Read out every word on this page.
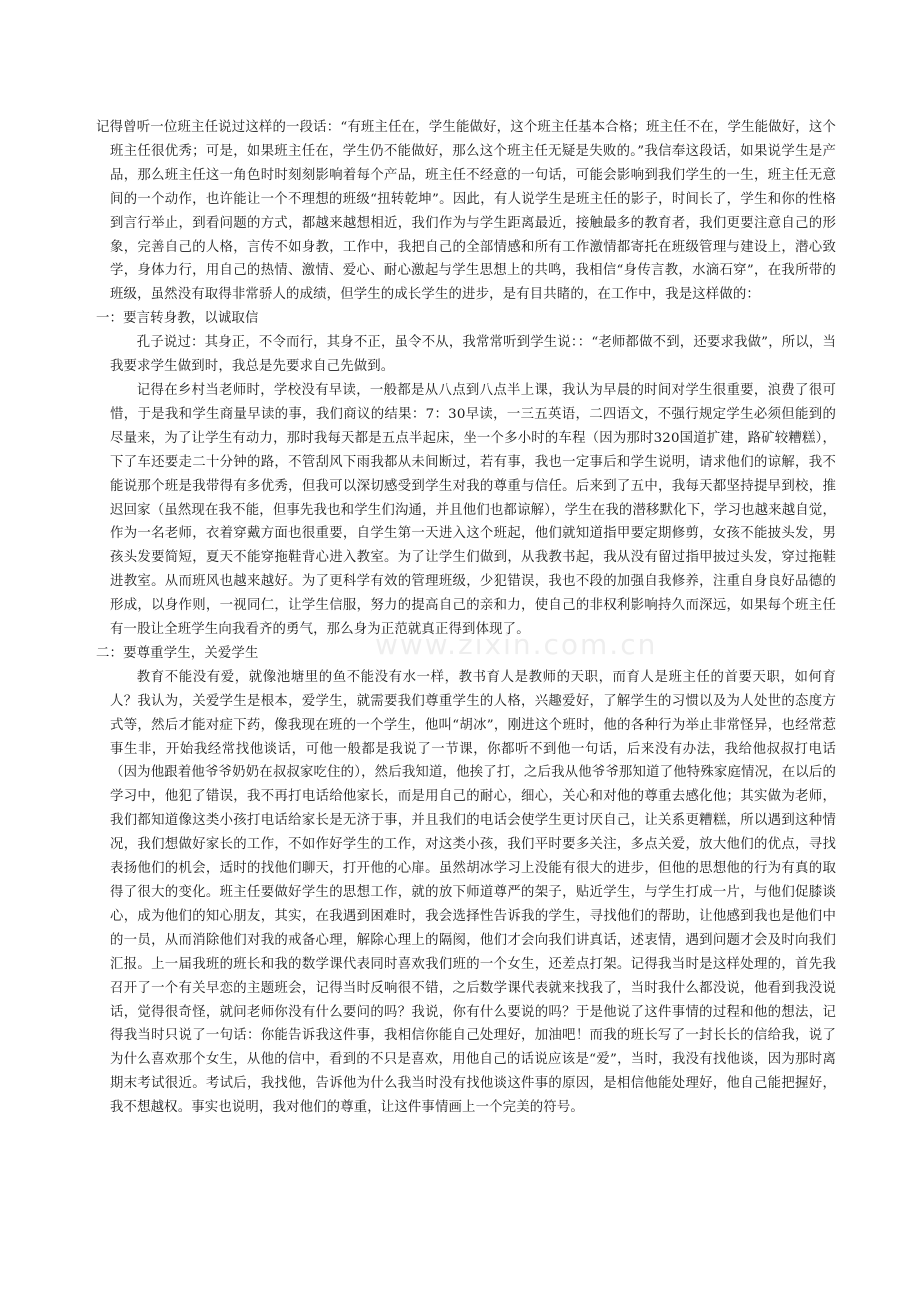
记得曾听一位班主任说过这样的一段话：“有班主任在，学生能做好，这个班主任基本合格；班主任不在，学生能做好，这个班主任很优秀；可是，如果班主任在，学生仍不能做好，那么这个班主任无疑是失败的。”我信奉这段话，如果说学生是产品，那么班主任这一角色时时刻刻影响着每个产品，班主任不经意的一句话，可能会影响到我们学生的一生，班主任无意间的一个动作，也许能让一个不理想的班级“扭转乾坤”。因此，有人说学生是班主任的影子，时间长了，学生和你的性格到言行举止，到看问题的方式，都越来越想相近，我们作为与学生距离最近，接触最多的教育者，我们更要注意自己的形象，完善自己的人格，言传不如身教，工作中，我把自己的全部情感和所有工作激情都寄托在班级管理与建设上，潜心致学，身体力行，用自己的热情、激情、爱心、耐心激起与学生思想上的共鸣，我相信“身传言教，水滴石穿”，在我所带的班级，虽然没有取得非常骄人的成绩，但学生的成长学生的进步，是有目共睹的，在工作中，我是这样做的：

一：要言转身教，以诚取信

孔子说过：其身正，不令而行，其身不正，虽令不从，我常常听到学生说：：“老师都做不到，还要求我做”，所以，当我要求学生做到时，我总是先要求自己先做到。

记得在乡村当老师时，学校没有早读，一般都是从八点到八点半上课，我认为早晨的时间对学生很重要，浪费了很可惜，于是我和学生商量早读的事，我们商议的结果：7：30早读，一三五英语，二四语文，不强行规定学生必须但能到的尽量来，为了让学生有动力，那时我每天都是五点半起床，坐一个多小时的车程（因为那时320国道扩建，路矿较糟糕），下了车还要走二十分钟的路，不管刮风下雨我都从未间断过，若有事，我也一定事后和学生说明，请求他们的谅解，我不能说那个班是我带得有多优秀，但我可以深切感受到学生对我的尊重与信任。后来到了五中，我每天都坚持提早到校，推迟回家（虽然现在我不能，但事先我也和学生们沟通，并且他们也都谅解），学生在我的潜移默化下，学习也越来越自觉，作为一名老师，衣着穿戴方面也很重要，自学生第一天进入这个班起，他们就知道指甲要定期修剪，女孩不能披头发，男孩头发要简短，夏天不能穿拖鞋背心进入教室。为了让学生们做到，从我教书起，我从没有留过指甲披过头发，穿过拖鞋进教室。从而班风也越来越好。为了更科学有效的管理班级，少犯错误，我也不段的加强自我修养，注重自身良好品德的形成，以身作则，一视同仁，让学生信服，努力的提高自己的亲和力，使自己的非权利影响持久而深远，如果每个班主任有一股让全班学生向我看齐的勇气，那么身为正范就真正得到体现了。

二：要尊重学生，关爱学生

教育不能没有爱，就像池塘里的鱼不能没有水一样，教书育人是教师的天职，而育人是班主任的首要天职，如何育人？我认为，关爱学生是根本，爱学生，就需要我们尊重学生的人格，兴趣爱好，了解学生的习惯以及为人处世的态度方式等，然后才能对症下药，像我现在班的一个学生，他叫“胡冰”，刚进这个班时，他的各种行为举止非常怪异，也经常惹事生非，开始我经常找他谈话，可他一般都是我说了一节课，你都听不到他一句话，后来没有办法，我给他叔叔打电话（因为他跟着他爷爷奶奶在叔叔家吃住的），然后我知道，他挨了打，之后我从他爷爷那知道了他特殊家庭情况，在以后的学习中，他犯了错误，我不再打电话给他家长，而是用自己的耐心，细心，关心和对他的尊重去感化他；其实做为老师，我们都知道像这类小孩打电话给家长是无济于事，并且我们的电话会使学生更讨厌自己，让关系更糟糕，所以遇到这种情况，我们想做好家长的工作，不如作好学生的工作，对这类小孩，我们平时要多关注，多点关爱，放大他们的优点，寻找表扬他们的机会，适时的找他们聊天，打开他的心扉。虽然胡冰学习上没能有很大的进步，但他的思想他的行为有真的取得了很大的变化。班主任要做好学生的思想工作，就的放下师道尊严的架子，贴近学生，与学生打成一片，与他们促膝谈心，成为他们的知心朋友，其实，在我遇到困难时，我会选择性告诉我的学生，寻找他们的帮助，让他感到我也是他们中的一员，从而消除他们对我的戒备心理，解除心理上的隔阂，他们才会向我们讲真话，述衷情，遇到问题才会及时向我们汇报。上一届我班的班长和我的数学课代表同时喜欢我们班的一个女生，还差点打架。记得我当时是这样处理的，首先我召开了一个有关早恋的主题班会，记得当时反响很不错，之后数学课代表就来找我了，当时我什么都没说，他看到我没说话，觉得很奇怪，就问老师你没有什么要问的吗？我说，你有什么要说的吗？于是他说了这件事情的过程和他的想法，记得我当时只说了一句话：你能告诉我这件事，我相信你能自己处理好，加油吧！而我的班长写了一封长长的信给我，说了为什么喜欢那个女生，从他的信中，看到的不只是喜欢，用他自己的话说应该是“爱”，当时，我没有找他谈，因为那时离期末考试很近。考试后，我找他，告诉他为什么我当时没有找他谈这件事的原因，是相信他能处理好，他自己能把握好，我不想越权。事实也说明，我对他们的尊重，让这件事情画上一个完美的符号。

www.zixin.com.cn
